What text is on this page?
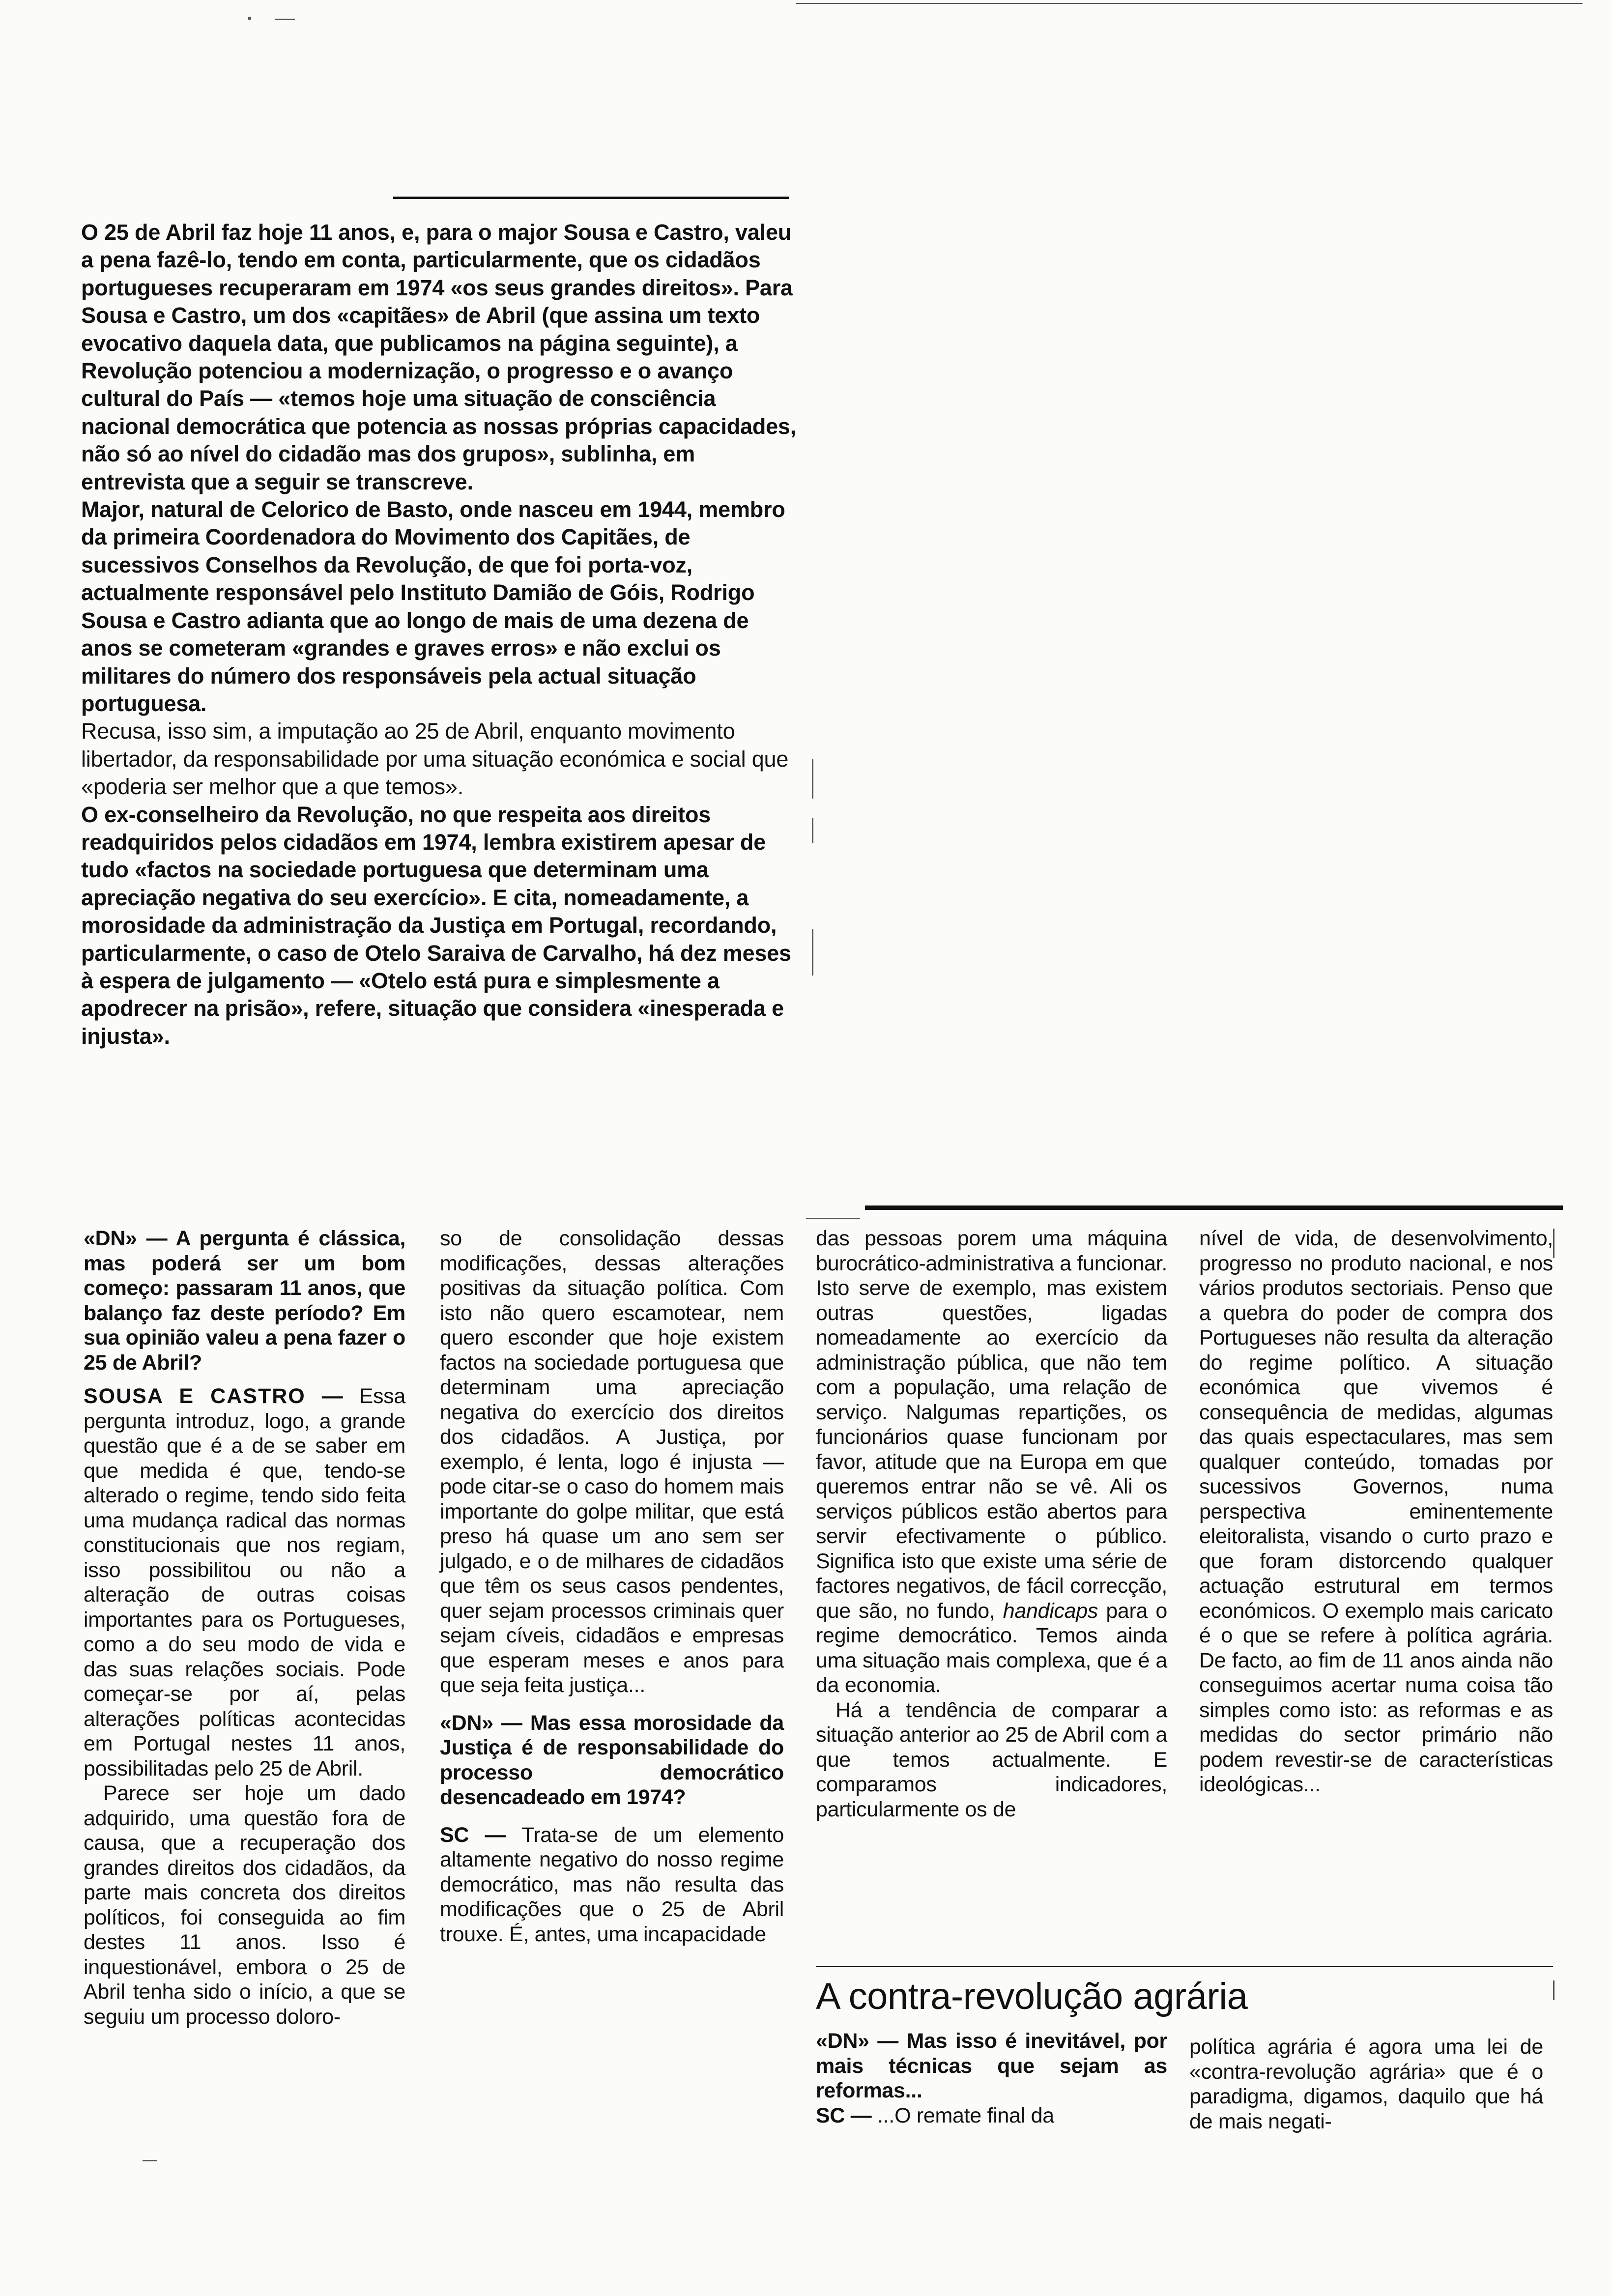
O 25 de Abril faz hoje 11 anos, e, para o major Sousa e Castro, valeu a pena fazê-lo, tendo em conta, particularmente, que os cidadãos portugueses recuperaram em 1974 «os seus grandes direitos». Para Sousa e Castro, um dos «capitães» de Abril (que assina um texto evocativo daquela data, que publicamos na página seguinte), a Revolução potenciou a modernização, o progresso e o avanço cultural do País — «temos hoje uma situação de consciência nacional democrática que potencia as nossas próprias capacidades, não só ao nível do cidadão mas dos grupos», sublinha, em entrevista que a seguir se transcreve.

Major, natural de Celorico de Basto, onde nasceu em 1944, membro da primeira Coordenadora do Movimento dos Capitães, de sucessivos Conselhos da Revolução, de que foi porta-voz, actualmente responsável pelo Instituto Damião de Góis, Rodrigo Sousa e Castro adianta que ao longo de mais de uma dezena de anos se cometeram «grandes e graves erros» e não exclui os militares do número dos responsáveis pela actual situação portuguesa.

Recusa, isso sim, a imputação ao 25 de Abril, enquanto movimento libertador, da responsabilidade por uma situação económica e social que «poderia ser melhor que a que temos».

O ex-conselheiro da Revolução, no que respeita aos direitos readquiridos pelos cidadãos em 1974, lembra existirem apesar de tudo «factos na sociedade portuguesa que determinam uma apreciação negativa do seu exercício». E cita, nomeadamente, a morosidade da administração da Justiça em Portugal, recordando, particularmente, o caso de Otelo Saraiva de Carvalho, há dez meses à espera de julgamento — «Otelo está pura e simplesmente a apodrecer na prisão», refere, situação que considera «inesperada e injusta».

«DN» — A pergunta é clássica, mas poderá ser um bom começo: passaram 11 anos, que balanço faz deste período? Em sua opinião valeu a pena fazer o 25 de Abril?

SOUSA E CASTRO — Essa pergunta introduz, logo, a grande questão que é a de se saber em que medida é que, tendo-se alterado o regime, tendo sido feita uma mudança radical das normas constitucionais que nos regiam, isso possibilitou ou não a alteração de outras coisas importantes para os Portugueses, como a do seu modo de vida e das suas relações sociais. Pode começar-se por aí, pelas alterações políticas acontecidas em Portugal nestes 11 anos, possibilitadas pelo 25 de Abril.

Parece ser hoje um dado adquirido, uma questão fora de causa, que a recuperação dos grandes direitos dos cidadãos, da parte mais concreta dos direitos políticos, foi conseguida ao fim destes 11 anos. Isso é inquestionável, embora o 25 de Abril tenha sido o início, a que se seguiu um processo doloro-

so de consolidação dessas modificações, dessas alterações positivas da situação política. Com isto não quero escamotear, nem quero esconder que hoje existem factos na sociedade portuguesa que determinam uma apreciação negativa do exercício dos direitos dos cidadãos. A Justiça, por exemplo, é lenta, logo é injusta — pode citar-se o caso do homem mais importante do golpe militar, que está preso há quase um ano sem ser julgado, e o de milhares de cidadãos que têm os seus casos pendentes, quer sejam processos criminais quer sejam cíveis, cidadãos e empresas que esperam meses e anos para que seja feita justiça...

«DN» — Mas essa morosidade da Justiça é de responsabilidade do processo democrático desencadeado em 1974?

SC — Trata-se de um elemento altamente negativo do nosso regime democrático, mas não resulta das modificações que o 25 de Abril trouxe. É, antes, uma incapacidade

das pessoas porem uma máquina burocrático-administrativa a funcionar. Isto serve de exemplo, mas existem outras questões, ligadas nomeadamente ao exercício da administração pública, que não tem com a população, uma relação de serviço. Nalgumas repartições, os funcionários quase funcionam por favor, atitude que na Europa em que queremos entrar não se vê. Ali os serviços públicos estão abertos para servir efectivamente o público. Significa isto que existe uma série de factores negativos, de fácil correcção, que são, no fundo, handicaps para o regime democrático. Temos ainda uma situação mais complexa, que é a da economia.

Há a tendência de comparar a situação anterior ao 25 de Abril com a que temos actualmente. E comparamos indicadores, particularmente os de

nível de vida, de desenvolvimento, progresso no produto nacional, e nos vários produtos sectoriais. Penso que a quebra do poder de compra dos Portugueses não resulta da alteração do regime político. A situação económica que vivemos é consequência de medidas, algumas das quais espectaculares, mas sem qualquer conteúdo, tomadas por sucessivos Governos, numa perspectiva eminentemente eleitoralista, visando o curto prazo e que foram distorcendo qualquer actuação estrutural em termos económicos. O exemplo mais caricato é o que se refere à política agrária. De facto, ao fim de 11 anos ainda não conseguimos acertar numa coisa tão simples como isto: as reformas e as medidas do sector primário não podem revestir-se de características ideológicas...

A contra-revolução agrária

«DN» — Mas isso é inevitável, por mais técnicas que sejam as reformas...

SC — ...O remate final da

política agrária é agora uma lei de «contra-revolução agrária» que é o paradigma, digamos, daquilo que há de mais negati-
